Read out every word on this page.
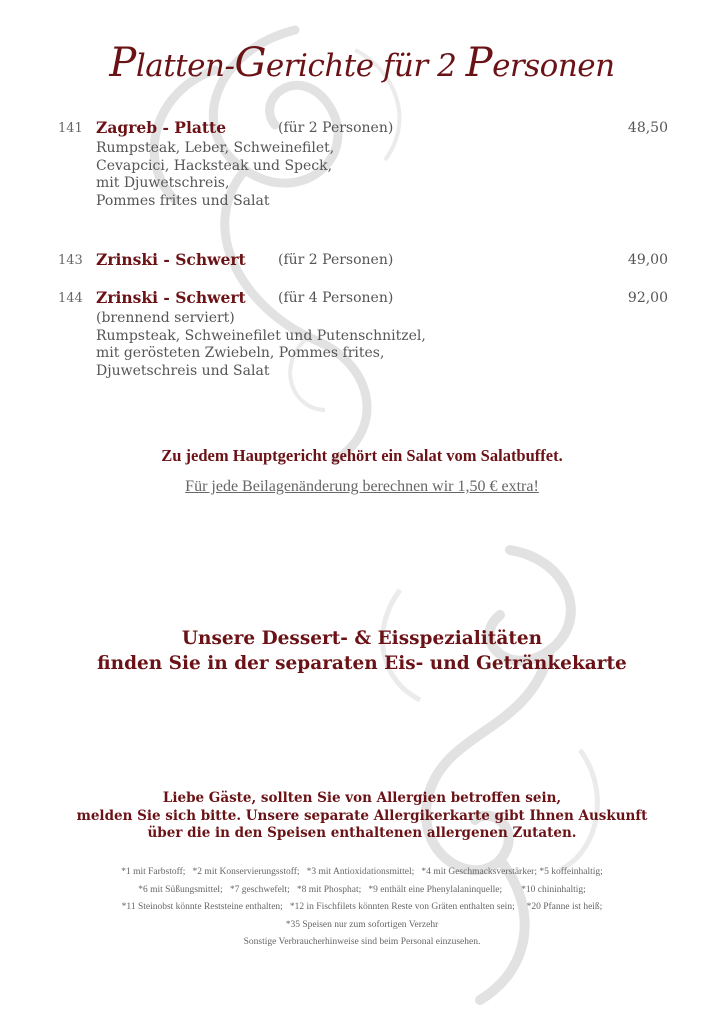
Platten-Gerichte für 2 Personen
141 Zagreb - Platte	(für 2 Personen)	48,50
Rumpsteak, Leber, Schweinefilet,
Cevapcici, Hacksteak und Speck,
mit Djuwetschreis,
Pommes frites und Salat
143 Zrinski - Schwert (für 2 Personen)	49,00
144 Zrinski - Schwert (für 4 Personen)	92,00
(brennend serviert)
Rumpsteak, Schweinefilet und Putenschnitzel,
mit gerösteten Zwiebeln, Pommes frites,
Djuwetschreis und Salat
Zu jedem Hauptgericht gehört ein Salat vom Salatbuffet.
Für jede Beilagenänderung berechnen wir 1,50 € extra!
Unsere Dessert- & Eisspezialitäten
finden Sie in der separaten Eis- und Getränkekarte
Liebe Gäste, sollten Sie von Allergien betroffen sein,
melden Sie sich bitte. Unsere separate Allergikerkarte gibt Ihnen Auskunft
über die in den Speisen enthaltenen allergenen Zutaten.
*1 mit Farbstoff;   *2 mit Konservierungsstoff;   *3 mit Antioxidationsmittel;   *4 mit Geschmacksverstärker; *5 koffeinhaltig;
*6 mit Süßungsmittel;   *7 geschwefelt;   *8 mit Phosphat;   *9 enthält eine Phenylalaninquelle;        *10 chininhaltig;
*11 Steinobst könnte Reststeine enthalten;   *12 in Fischfilets könnten Reste von Gräten enthalten sein;     *20 Pfanne ist heiß;
*35 Speisen nur zum sofortigen Verzehr
Sonstige Verbraucherhinweise sind beim Personal einzusehen.
